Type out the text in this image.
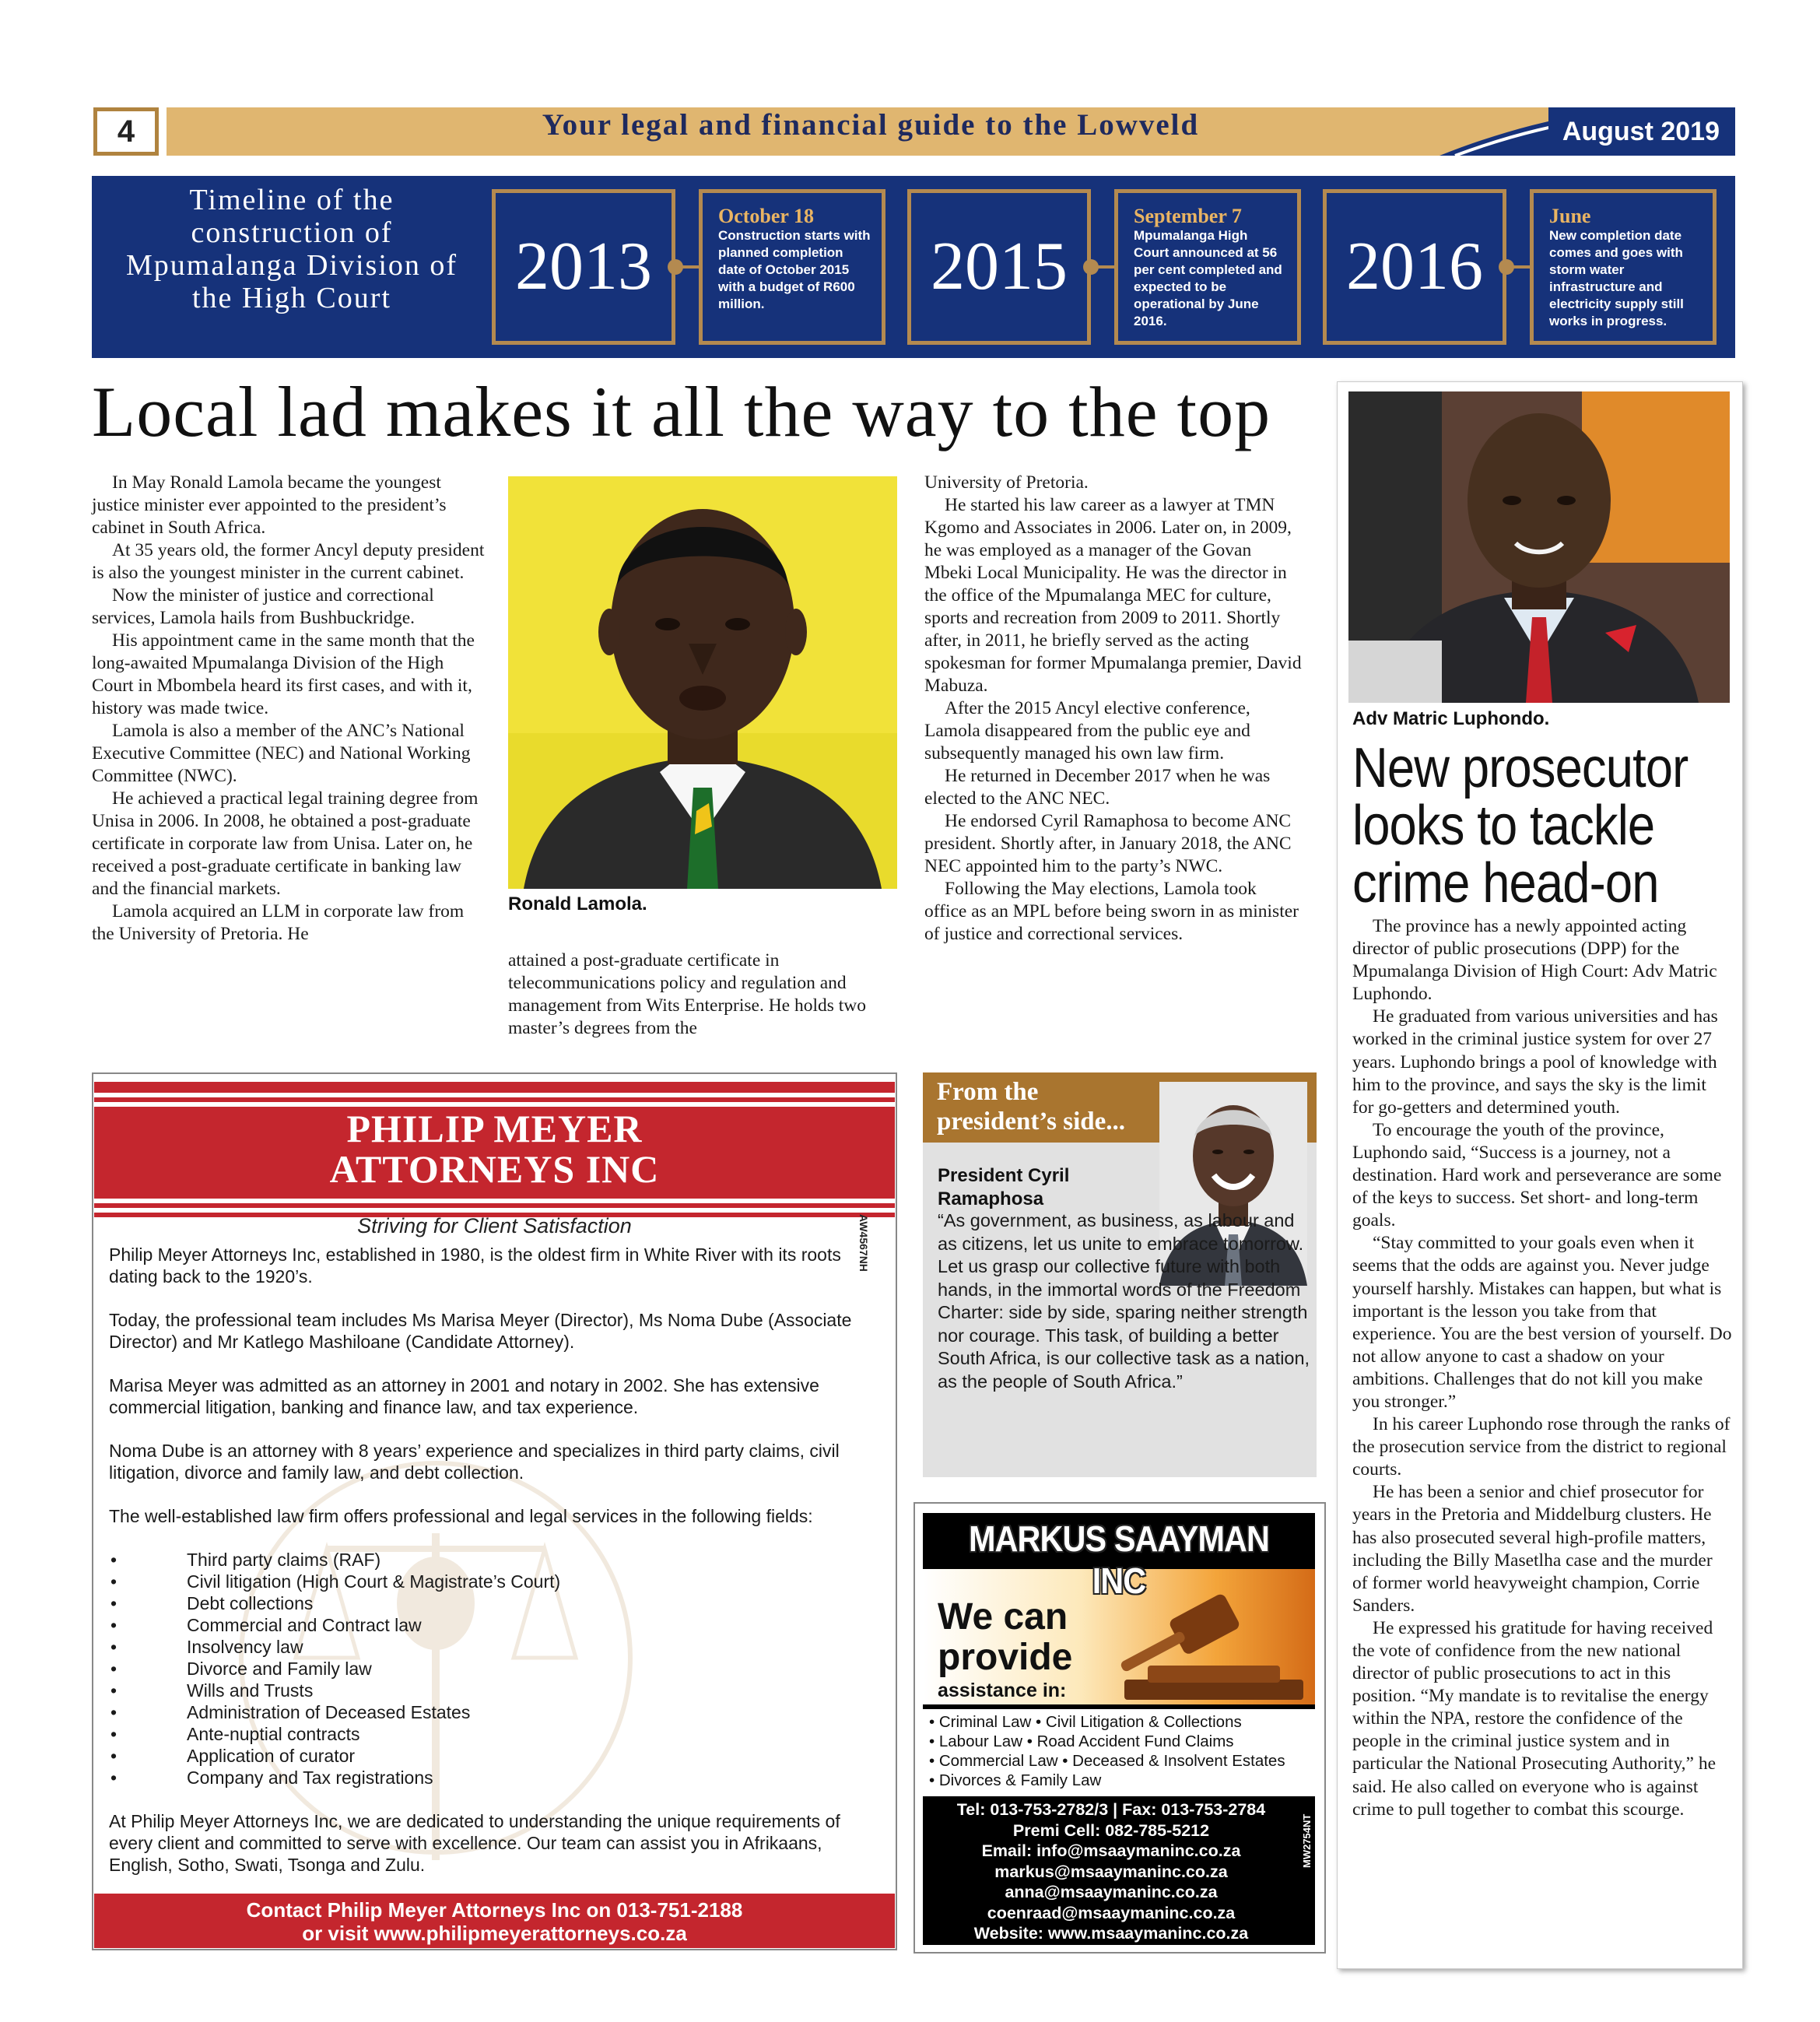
Your legal and financial guide to the Lowveld	August 2019
4
Timeline of the construction of Mpumalanga Division of the High Court	2013
October 18
Construction starts with planned completion date of October 2015 with a budget of R600 million.	2015
September 7
Mpumalanga High Court announced at 56 per cent completed and expected to be operational by June 2016.
2016
June
New completion date comes and goes with storm water infrastructure and electricity supply still works in progress.
Local lad makes it all the way to the top

In May Ronald Lamola became the youngest justice minister ever appointed to the president’s cabinet in South Africa.

At 35 years old, the former Ancyl deputy president is also the youngest minister in the current cabinet.

Now the minister of justice and correctional services, Lamola hails from Bushbuckridge.

His appointment came in the same month that the long-awaited Mpumalanga Division of the High Court in Mbombela heard its first cases, and with it, history was made twice.

Lamola is also a member of the ANC’s National Executive Committee (NEC) and National Working Committee (NWC).

He achieved a practical legal training degree from Unisa in 2006. In 2008, he obtained a post-graduate certificate in corporate law from Unisa. Later on, he received a post-graduate certificate in banking law and the financial markets.

Lamola acquired an LLM in corporate law from the University of Pretoria. He

Ronald Lamola.

attained a post-graduate certificate in telecommunications policy and regulation and management from Wits Enterprise. He holds two master’s degrees from the

University of Pretoria.

He started his law career as a lawyer at TMN Kgomo and Associates in 2006. Later on, in 2009, he was employed as a manager of the Govan Mbeki Local Municipality. He was the director in the office of the Mpumalanga MEC for culture, sports and recreation from 2009 to 2011. Shortly after, in 2011, he briefly served as the acting spokesman for former Mpumalanga premier, David Mabuza.

After the 2015 Ancyl elective conference, Lamola disappeared from the public eye and subsequently managed his own law firm.

He returned in December 2017 when he was elected to the ANC NEC.

He endorsed Cyril Ramaphosa to become ANC president. Shortly after, in January 2018, the ANC NEC appointed him to the party’s NWC.

Following the May elections, Lamola took office as an MPL before being sworn in as minister of justice and correctional services.

Adv Matric Luphondo.
New prosecutor looks to tackle crime head-on

The province has a newly appointed acting director of public prosecutions (DPP) for the Mpumalanga Division of High Court: Adv Matric Luphondo.

He graduated from various universities and has worked in the criminal justice system for over 27 years. Luphondo brings a pool of knowledge with him to the province, and says the sky is the limit for go-getters and determined youth.

To encourage the youth of the province, Luphondo said, “Success is a journey, not a destination. Hard work and perseverance are some of the keys to success. Set short- and long-term goals.

“Stay committed to your goals even when it seems that the odds are against you. Never judge yourself harshly. Mistakes can happen, but what is important is the lesson you take from that experience. You are the best version of yourself. Do not allow anyone to cast a shadow on your ambitions. Challenges that do not kill you make you stronger.”

In his career Luphondo rose through the ranks of the prosecution service from the district to regional courts.

He has been a senior and chief prosecutor for years in the Pretoria and Middelburg clusters. He has also prosecuted several high-profile matters, including the Billy Masetlha case and the murder of former world heavyweight champion, Corrie Sanders.

He expressed his gratitude for having received the vote of confidence from the new national director of public prosecutions to act in this position. “My mandate is to revitalise the energy within the NPA, restore the confidence of the people in the criminal justice system and in particular the National Prosecuting Authority,” he said. He also called on everyone who is against crime to pull together to combat this scourge.

PHILIP MEYER
ATTORNEYS INC
Striving for Client Satisfaction

Philip Meyer Attorneys Inc, established in 1980, is the oldest firm in White River with its roots dating back to the 1920’s.

Today, the professional team includes Ms Marisa Meyer (Director), Ms Noma Dube (Associate Director) and Mr Katlego Mashiloane (Candidate Attorney).

Marisa Meyer was admitted as an attorney in 2001 and notary in 2002. She has extensive commercial litigation, banking and finance law, and tax experience.

Noma Dube is an attorney with 8 years’ experience and specializes in third party claims, civil litigation, divorce and family law, and debt collection.

The well-established law firm offers professional and legal services in the following fields:

• Third party claims (RAF)
• Civil litigation (High Court & Magistrate’s Court)
• Debt collections
• Commercial and Contract law
• Insolvency law
• Divorce and Family law
• Wills and Trusts
• Administration of Deceased Estates
• Ante-nuptial contracts
• Application of curator
• Company and Tax registrations

At Philip Meyer Attorneys Inc, we are dedicated to understanding the unique requirements of every client and committed to serve with excellence. Our team can assist you in Afrikaans, English, Sotho, Swati, Tsonga and Zulu.

Contact Philip Meyer Attorneys Inc on 013-751-2188
or visit www.philipmeyerattorneys.co.za
AW4567NH
From the president’s side...
President Cyril Ramaphosa
“As government, as business, as labour and as citizens, let us unite to embrace tomorrow. Let us grasp our collective future with both hands, in the immortal words of the Freedom Charter: side by side, sparing neither strength nor courage. This task, of building a better South Africa, is our collective task as a nation, as the people of South Africa.”
MARKUS SAAYMAN INC
We can
provide
assistance in:
• Criminal Law • Civil Litigation & Collections
• Labour Law • Road Accident Fund Claims
• Commercial Law • Deceased & Insolvent Estates
• Divorces & Family Law
Tel: 013-753-2782/3 | Fax: 013-753-2784
Premi Cell: 082-785-5212
Email: info@msaaymaninc.co.za
markus@msaaymaninc.co.za
anna@msaaymaninc.co.za
coenraad@msaaymaninc.co.za
Website: www.msaaymaninc.co.za
MW2754NT
